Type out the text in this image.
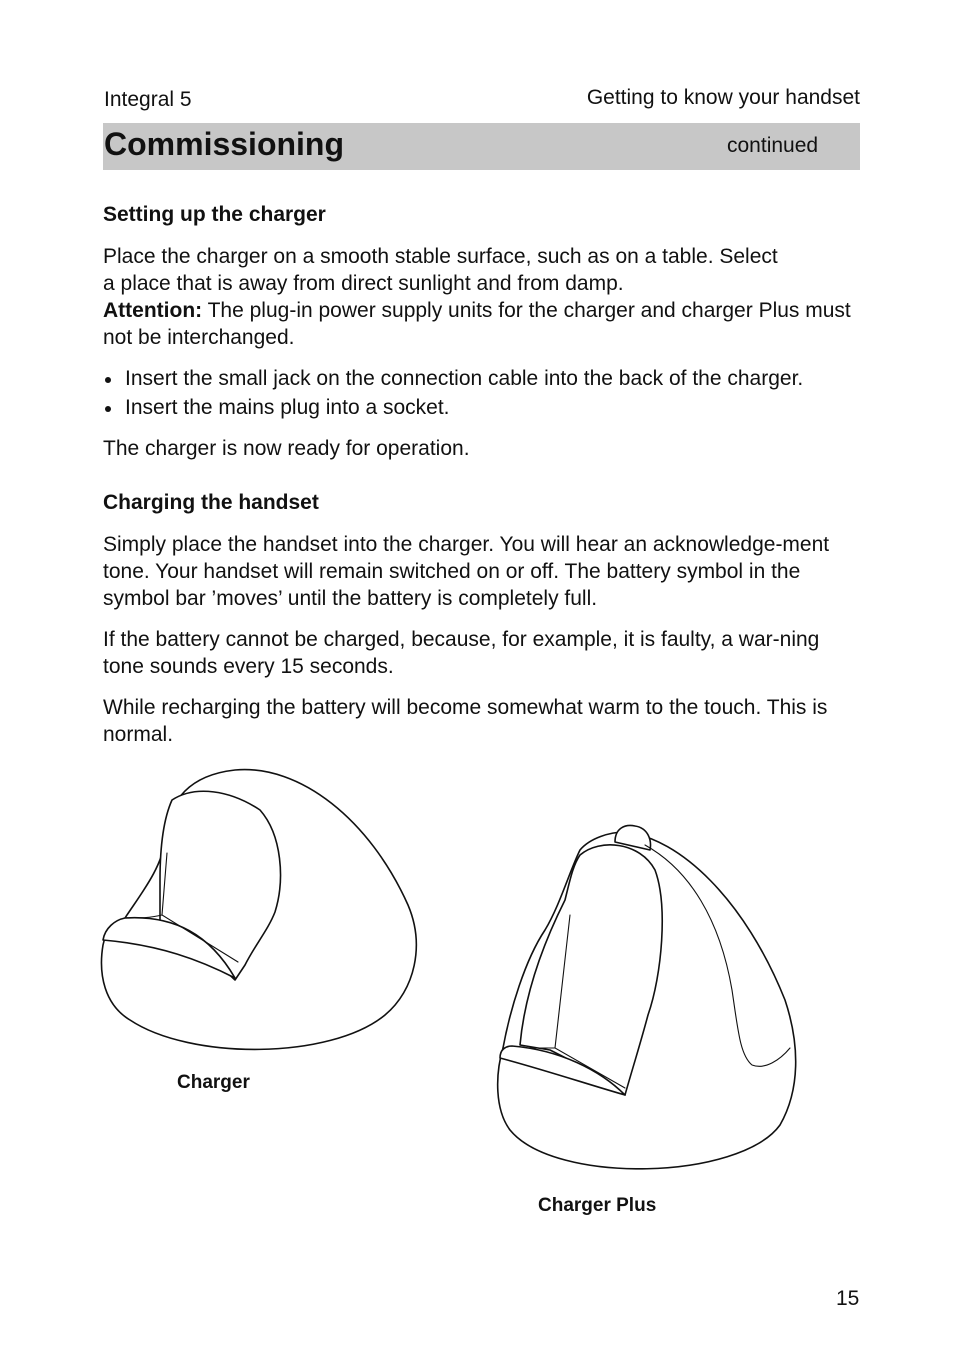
Integral 5	Getting to know your handset
Commissioning	continued
Setting up the charger

Place the charger on a smooth stable surface, such as on a table. Select
a place that is away from direct sunlight and from damp.
Attention: The plug-in power supply units for the charger and charger Plus must not be interchanged.

Insert the small jack on the connection cable into the back of the charger.
Insert the mains plug into a socket.

The charger is now ready for operation.

Charging the handset

Simply place the handset into the charger. You will hear an acknowledge-ment tone. Your handset will remain switched on or off. The battery symbol in the symbol bar ’moves’ until the battery is completely full.

If the battery cannot be charged, because, for example, it is faulty, a war-ning tone sounds every 15 seconds.

While recharging the battery will become somewhat warm to the touch. This is normal.

Charger
Charger Plus
15
